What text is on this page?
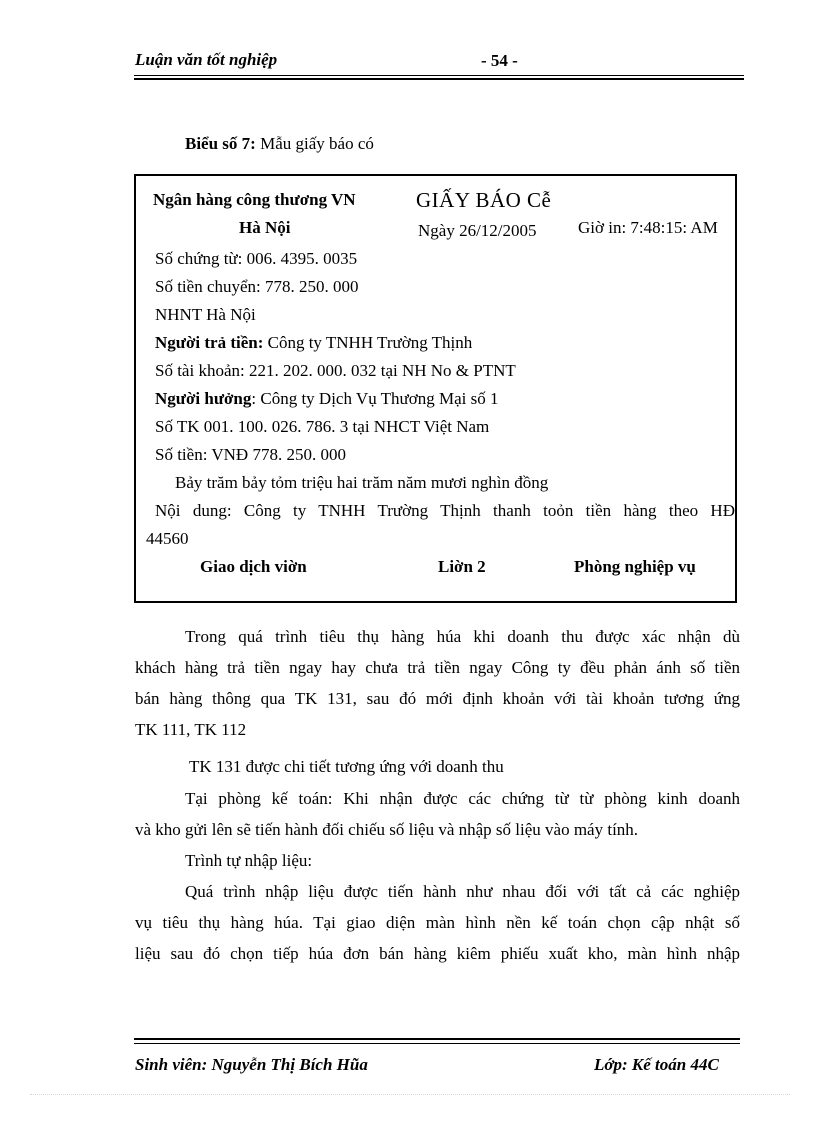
Luận văn tốt nghiệp	- 54 -
Biểu số 7: Mẫu giấy báo có
Ngân hàng công thương VN
Hà Nội
GIẤY BÁO Cễ
Ngày 26/12/2005 Giờ in: 7:48:15: AM
Số chứng từ: 006. 4395. 0035
Số tiền chuyển: 778. 250. 000
NHNT Hà Nội
Người trả tiền: Công ty TNHH Trường Thịnh
Số tài khoản: 221. 202. 000. 032 tại NH No & PTNT
Người hưởng: Công ty Dịch Vụ Thương Mại số 1
Số TK 001. 100. 026. 786. 3 tại NHCT Việt Nam
Số tiền: VNĐ 778. 250. 000
Bảy trăm bảy tỏm triệu hai trăm năm mươi nghìn đồng
Nội dung: Công ty TNHH Trường Thịnh thanh toỏn tiền hàng theo HĐ
44560
Giao dịch viờn	Liờn 2	Phòng nghiệp vụ
Trong quá trình tiêu thụ hàng húa khi doanh thu được xác nhận dù
khách hàng trả tiền ngay hay chưa trả tiền ngay Công ty đều phản ánh số tiền
bán hàng thông qua TK 131, sau đó mới định khoản với tài khoản tương ứng
TK 111, TK 112
TK 131 được chi tiết tương ứng với doanh thu
Tại phòng kế toán: Khi nhận được các chứng từ từ phòng kinh doanh
và kho gửi lên sẽ tiến hành đối chiếu số liệu và nhập số liệu vào máy tính.
Trình tự nhập liệu:
Quá trình nhập liệu được tiến hành như nhau đối với tất cả các nghiệp
vụ tiêu thụ hàng húa. Tại giao diện màn hình nền kế toán chọn cập nhật số
liệu sau đó chọn tiếp húa đơn bán hàng kiêm phiếu xuất kho, màn hình nhập
Sinh viên: Nguyễn Thị Bích Hũa	Lớp: Kế toán 44C
